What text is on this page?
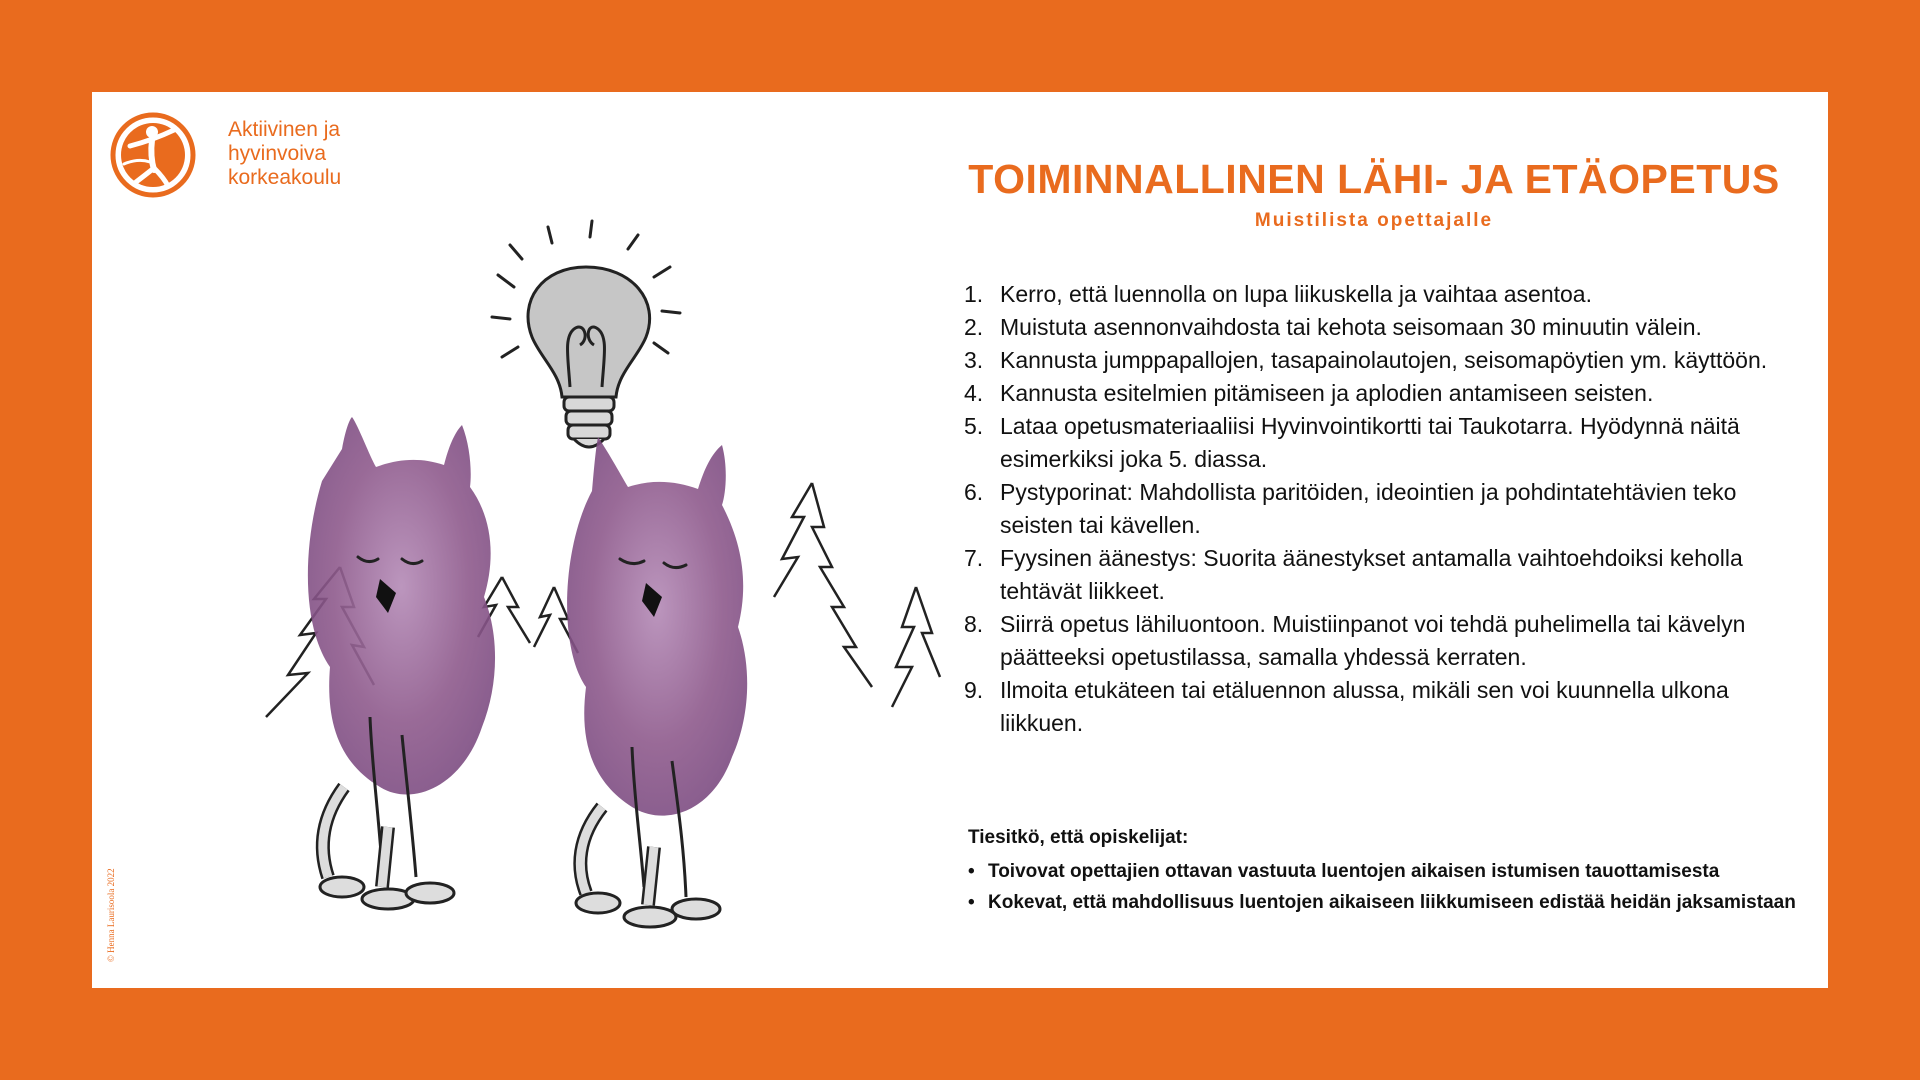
Aktiivinen ja
hyvinvoiva
korkeakoulu
© Henna Laurisoola 2022
TOIMINNALLINEN LÄHI- JA ETÄOPETUS
Muistilista opettajalle
1. Kerro, että luennolla on lupa liikuskella ja vaihtaa asentoa.
2. Muistuta asennonvaihdosta tai kehota seisomaan 30 minuutin välein.
3. Kannusta jumppapallojen, tasapainolautojen, seisomapöytien ym. käyttöön.
4. Kannusta esitelmien pitämiseen ja aplodien antamiseen seisten.
5. Lataa opetusmateriaaliisi Hyvinvointikortti tai Taukotarra. Hyödynnä näitä esimerkiksi joka 5. diassa.
6. Pystyporinat: Mahdollista paritöiden, ideointien ja pohdintatehtävien teko seisten tai kävellen.
7. Fyysinen äänestys: Suorita äänestykset antamalla vaihtoehdoiksi keholla tehtävät liikkeet.
8. Siirrä opetus lähiluontoon. Muistiinpanot voi tehdä puhelimella tai kävelyn päätteeksi opetustilassa, samalla yhdessä kerraten.
9. Ilmoita etukäteen tai etäluennon alussa, mikäli sen voi kuunnella ulkona liikkuen.
Tiesitkö, että opiskelijat:
• Toivovat opettajien ottavan vastuuta luentojen aikaisen istumisen tauottamisesta
• Kokevat, että mahdollisuus luentojen aikaiseen liikkumiseen edistää heidän jaksamistaan
